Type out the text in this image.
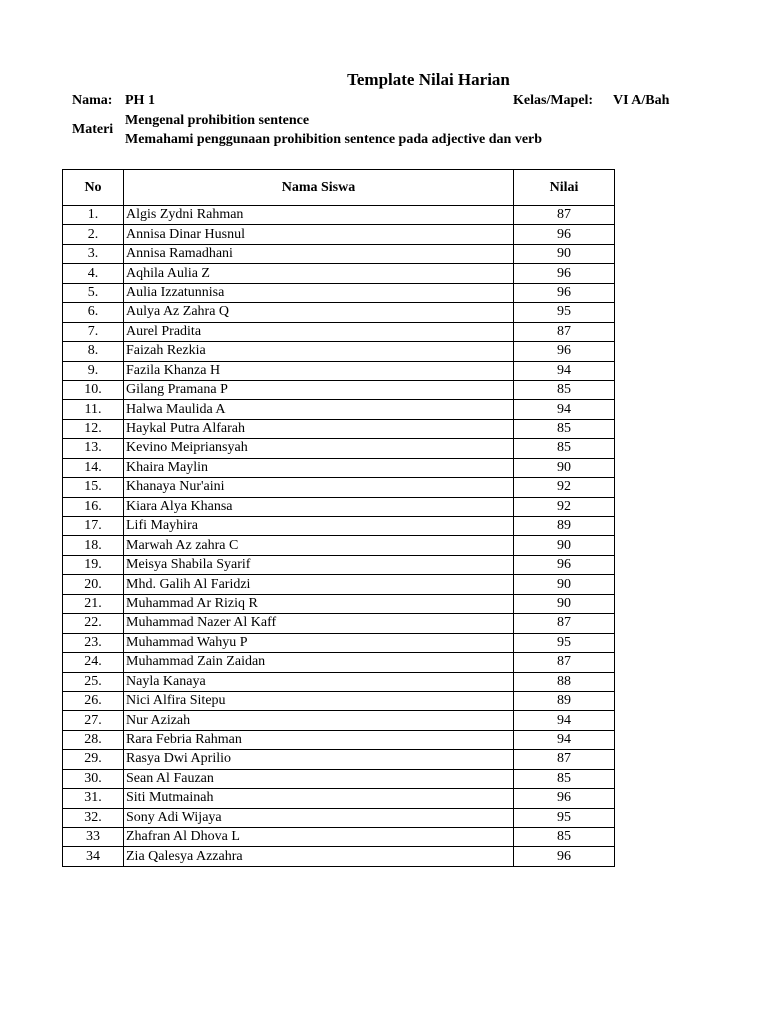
Template Nilai Harian
Nama: PH 1	Kelas/Mapel: VI A/Bah
Materi
Mengenal prohibition sentence
Memahami penggunaan prohibition sentence pada adjective dan verb
No	Nama Siswa	Nilai
1.	Algis Zydni Rahman	87
2.	Annisa Dinar Husnul	96
3.	Annisa Ramadhani	90
4.	Aqhila Aulia Z	96
5.	Aulia Izzatunnisa	96
6.	Aulya Az Zahra Q	95
7.	Aurel Pradita	87
8.	Faizah Rezkia	96
9.	Fazila Khanza H	94
10.	Gilang Pramana P	85
11.	Halwa Maulida A	94
12.	Haykal Putra Alfarah	85
13.	Kevino Meipriansyah	85
14.	Khaira Maylin	90
15.	Khanaya Nur'aini	92
16.	Kiara Alya Khansa	92
17.	Lifi Mayhira	89
18.	Marwah Az zahra C	90
19.	Meisya Shabila Syarif	96
20.	Mhd. Galih Al Faridzi	90
21.	Muhammad Ar Riziq R	90
22.	Muhammad Nazer Al Kaff	87
23.	Muhammad Wahyu P	95
24.	Muhammad Zain Zaidan	87
25.	Nayla Kanaya	88
26.	Nici Alfira Sitepu	89
27.	Nur Azizah	94
28.	Rara Febria Rahman	94
29.	Rasya Dwi Aprilio	87
30.	Sean Al Fauzan	85
31.	Siti Mutmainah	96
32.	Sony Adi Wijaya	95
33	Zhafran Al Dhova L	85
34	Zia Qalesya Azzahra	96
